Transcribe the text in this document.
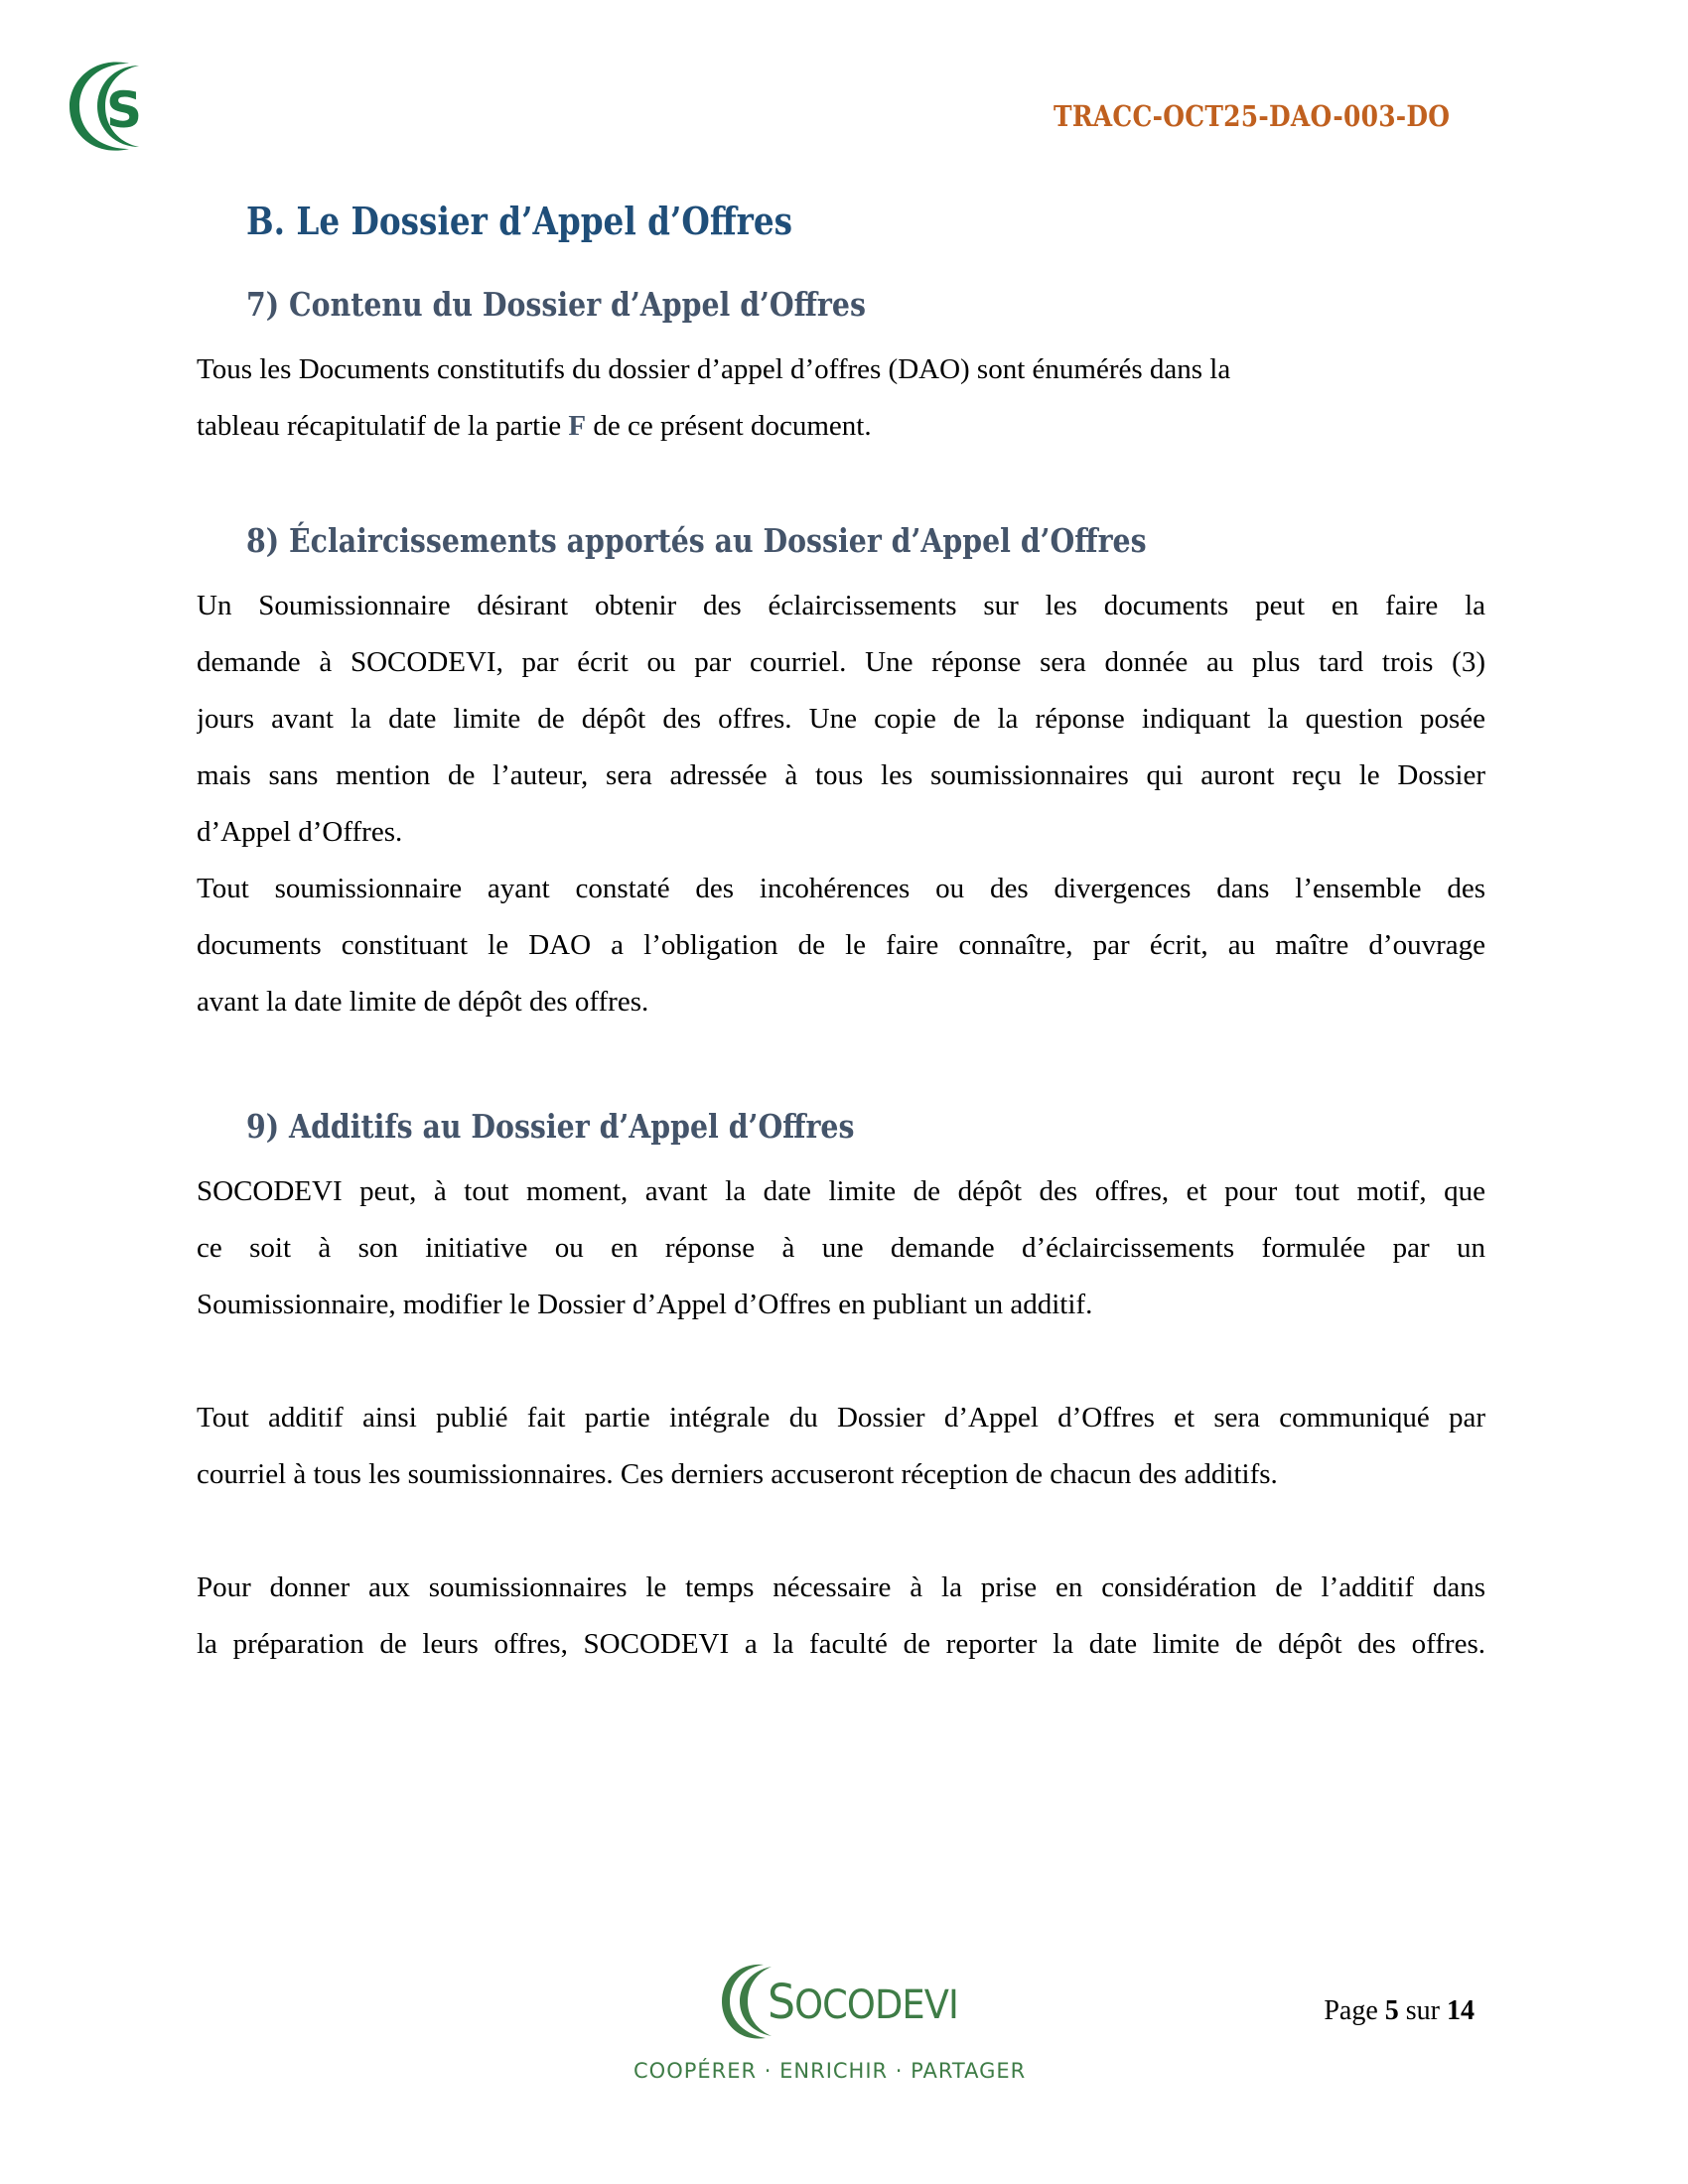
S	TRACC-OCT25-DAO-003-DO
B. Le Dossier d’Appel d’Offres
7) Contenu du Dossier d’Appel d’Offres
Tous les Documents constitutifs du dossier d’appel d’offres (DAO) sont énumérés dans la
tableau récapitulatif de la partie F de ce présent document.
8) Éclaircissements apportés au Dossier d’Appel d’Offres
Un Soumissionnaire désirant obtenir des éclaircissements sur les documents peut en faire la
demande à SOCODEVI, par écrit ou par courriel. Une réponse sera donnée au plus tard trois (3)
jours avant la date limite de dépôt des offres. Une copie de la réponse indiquant la question posée
mais sans mention de l’auteur, sera adressée à tous les soumissionnaires qui auront reçu le Dossier
d’Appel d’Offres.
Tout soumissionnaire ayant constaté des incohérences ou des divergences dans l’ensemble des
documents constituant le DAO a l’obligation de le faire connaître, par écrit, au maître d’ouvrage
avant la date limite de dépôt des offres.
9) Additifs au Dossier d’Appel d’Offres
SOCODEVI peut, à tout moment, avant la date limite de dépôt des offres, et pour tout motif, que
ce soit à son initiative ou en réponse à une demande d’éclaircissements formulée par un
Soumissionnaire, modifier le Dossier d’Appel d’Offres en publiant un additif.
Tout additif ainsi publié fait partie intégrale du Dossier d’Appel d’Offres et sera communiqué par
courriel à tous les soumissionnaires. Ces derniers accuseront réception de chacun des additifs.
Pour donner aux soumissionnaires le temps nécessaire à la prise en considération de l’additif dans
la préparation de leurs offres, SOCODEVI a la faculté de reporter la date limite de dépôt des offres.
SOCODEVI
COOPÉRER · ENRICHIR · PARTAGER
Page 5 sur 14
